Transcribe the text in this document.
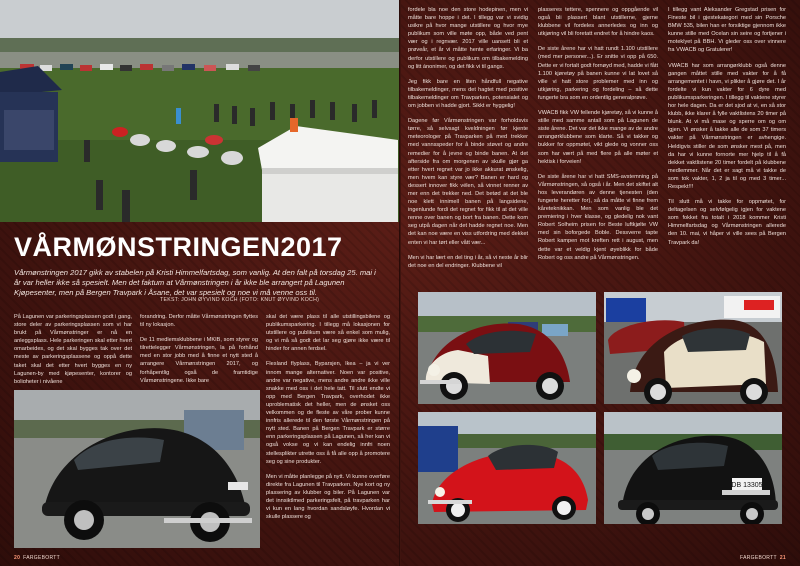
VÅRMØNSTRINGEN2017
Vårmønstringen 2017 gikk av stabelen på Kristi Himmelfartsdag, som vanlig. At den falt på torsdag 25. mai i år var heller ikke så spesielt. Men det faktum at Vårmønstringen i år ikke ble arrangert på Lagunen Kjøpesenter, men på Bergen Travpark i Åsane, det var spesielt og noe vi må venne oss til.
TEKST: JOHN ØYVIND KOCH (FOTO: KNUT ØYVIND KOCH)

På Lagunen var parkeringsplassen godt i gang, store deler av parkeringsplassen som vi har brukt på Vårmønstringer er nå en anleggsplass. Hele parkeringen skal etter hvert omarbeides, og det skal bygges tak over det meste av parkeringsplassene og oppå dette taket skal det etter hvert bygges en ny Lagunen-by med kjøpesenter, kontorer og boligheter i nivåene

forandring. Derfor måtte Vårmønstringen flyttes til ny lokasjon.

De 11 medlemsklubbene i MKIB, som styrer og tilrettelegger Vårmønstringen, la på forhånd med en stor jobb med å finne et nytt sted å arrangere Vårmønstringen 2017, og forhåpentlig også de framtidige Vårmønstringene. Ikke bare

skal det være plass til alle utstillingsbilene og publikumsparkering. I tillegg må lokasjonen for utstillere og publikum være så enkel som mulig, og vi må så godt det lar seg gjøre ikke være til hinder for annen ferdsel.

Flesland flyplass, Byparsjen, Ikea – ja vi ver innom mange alternativer. Noen var positive, andre var negative, mens andre andre ikke ville snakke med oss i det hele tatt. Til slutt endte vi opp med Bergen Travpark, overhodet ikke uproblematisk det heller, men de ønsket oss velkommen og de fleste av våre prober kunne innfris allerede til den første Vårmønstringen på nytt sted. Banen på Bergen Travpark er større enn parkeringsplassen på Lagunen, så her kan vi også vokse og vi kan endelig innfri noen stellesplikter utrette oss å få alle opp å promotere seg og sine produkter.

Men vi måtte planlegge på nytt. Vi kunne overføre direkte fra Lagunen til Travparken. Nye kort og ny plassering av klubber og biler. På Lagunen var det innsiktlmed parkeringsfelt, på travparken har vi kun en lang hvordan sandsløyfe. Hvordan vi skulle plassere og

20 FARGEBORTT

fordele bla noe den store hodepinen, men vi måtte bare hoppe i det. I tillegg var vi svidig usikre på hvor mange utstillere og hvor mye publikum som ville møte opp, både ved pent vær og i regnvær. 2017 ville uansett bli et prøveår, et år vi måtte hente erfaringer. Vi ba derfor utstillere og publikum om tilbakemelding og litt ánonimer, og det fikk vi til gangs.

Jeg fikk bare en liten håndfull negative tilbakemeldinger, mens det hagtet med positive tilbakemeldinger om Travparken, potensialet og om jobben vi hadde gjort. Sikkt er hyggelig!

Dagene før Vårmønstringen var forholdsvis tørre, så selvsagt kveldningen før kjente meteorologer på Travparken på med trekker med vannsspeder for å binde støvet og andre remedier for å jevne og binde banen. At det afterside fra om morgenen av skulle gjør ga etter hvert regnet var jo ikke akkurat ønskelig, men hvem kan styre vær? Banen er hard og dessert innover fikk vélen, så vinnet renner av mer enn det trekker ned. Det betød at det ble noe klett innimell banen på langsidene, ingenlunde fordi det regnet for fikk til at det ville renne over banen og bort fra banen. Dette kom seg utpå dagen når det hadde regnet noe. Men det kan noe være en viss utfordring med dekket enten vi har tørt eller vått vær...

Men vi har lært en del ting i år, så vi neste år blir det noe en del endringer. Klubbene vil

plasseres tettere, spennere og oppgående vil også bli plassert blant utstillerne, gjerne klubbene vil fordeles annerledes og inn og utkjøring vil bli foretatt endret for å hindre kaos.

De siste årene har vi hatt rundt 1.100 utstillere (med mer personer...). Er snitte vi opp på 650. Dette er vi fortalt godt fornøyd med, hadde vi fått 1.100 kjøretøy på banen kunne vi lat lovet så ville vi hatt store problemer med inn og utkjøring, parkering og fordeling – så dette fungerte bra som en ordentlig generalprøve.

VWACB fikk VW fellende kjøretøy, så vi kunne å stille med samme antall som på Lagunen de siste årene. Det var det ikke mange av de andre arrangørklubbene som klarte. Så vi takker og bukker for oppmøtet, vikt glede og vonner oss som har vært på med flere på alle møter et hektisk i forveien!

De siste årene har vi hatt SMS-avstemning på Vårmønstringen, så også i år. Men det skiftet alt hos leverandøren av denne tjenesten (den fungerte heretter for), så da måtte vi finne frem kåreteknikkan. Men som vanlig ble det premiering i hver klasse, og gledelig nok vant Robert Solheim prisen for Beste luftkjølte VW med sin boforgede Boble. Dessverre tapte Robert kampen mot kreften rett i august, men dette var et veldig kjent øyeblikk for både Robert og oss andre på Vårmønstringen.

I tillegg vant Aleksander Gregstad prisen for Fineste bil i gjestekategori med sin Porsche BMW 535, bilen han er forsiktige gjennom ikke kunne stille med Ocelan sin seire og fortjener i moteklyet på BBH. Vi gleder oss over vinnere fra VWACB og Gratulerer!

VWACB har som arrangørklubb også denne gangen måttet stille med vakter for å få arrangementet i havn, vi plikter å gjøre det. I år fordelte vi kun vakter for 6 dyre med publikumsparkeringen. I tillegg til vaktene styrer hor hele dagen. Da er det sjod at vi, en så stor klubb, ikke klarer å fylle vaktlistens 20 timer på blunk. At vi må mase og sperre om og om igjen. Vi ønsker å takke alle de som 37 timers vakter på Vårmønstringen er avhengige. Heldigvis stiller de som ønsker mest på, men da har vi kunne fornorte mer hjelp til å få dekket vaktlistene 20 timer fordelt på klubbene medlemmer. Når det er sagt må vi takke de som tok vakter, 1, 2 ja til og med 3 timer... Respekt!!!

Til slutt må vi takke for oppmøtet, for deltagelsen og selvfølgelig igjen for vaktene som fokket fra totalt i 2018 kommer Kristi Himmelfartsdag og Vårmønstringen allerede den 10. mai, vi håper vi ville sees på Bergen Travpark da!

DB 13305
FARGEBORTT 21
